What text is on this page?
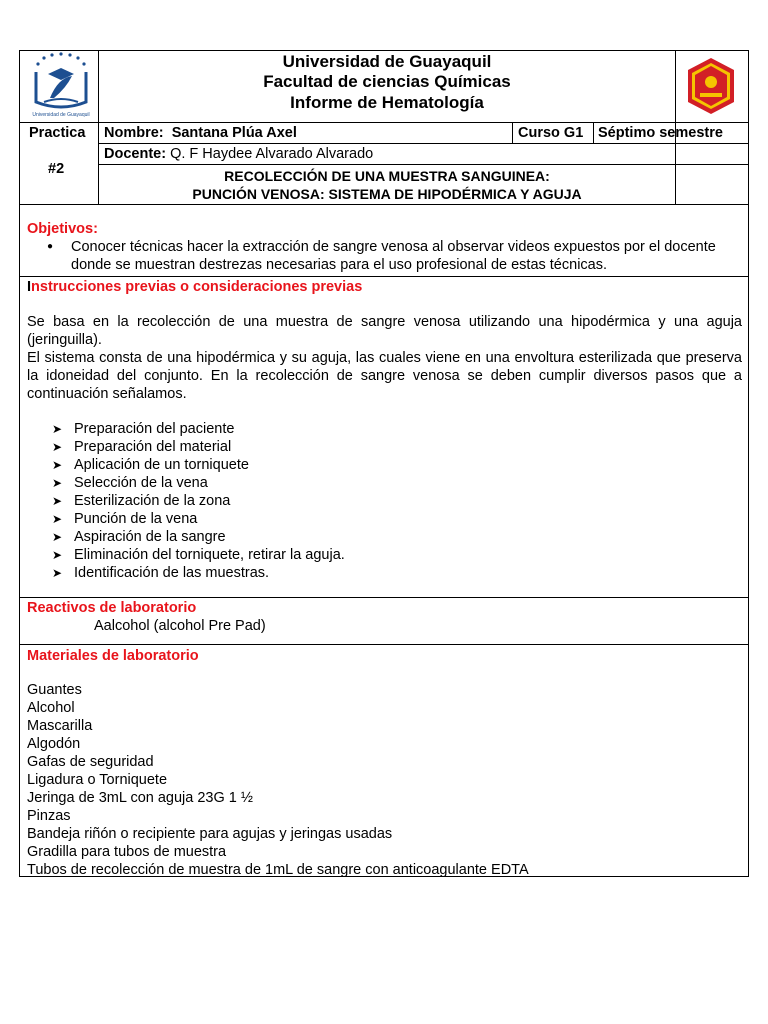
Universidad de Guayaquil
Universidad de Guayaquil
Facultad de ciencias Químicas
Informe de Hematología
Practica
#2
Nombre: Santana Plúa Axel	Curso G1 Séptimo semestre
Docente: Q. F Haydee Alvarado Alvarado
RECOLECCIÓN DE UNA MUESTRA SANGUINEA:
PUNCIÓN VENOSA: SISTEMA DE HIPODÉRMICA Y AGUJA
Objetivos:
● Conocer técnicas hacer la extracción de sangre venosa al observar videos expuestos por el docente
donde se muestran destrezas necesarias para el uso profesional de estas técnicas.
Instrucciones previas o consideraciones previas
Se basa en la recolección de una muestra de sangre venosa utilizando una hipodérmica y una aguja (jeringuilla).
El sistema consta de una hipodérmica y su aguja, las cuales viene en una envoltura esterilizada que preserva la idoneidad del conjunto. En la recolección de sangre venosa se deben cumplir diversos pasos que a continuación señalamos.
➤ Preparación del paciente
➤ Preparación del material
➤ Aplicación de un torniquete
➤ Selección de la vena
➤ Esterilización de la zona
➤ Punción de la vena
➤ Aspiración de la sangre
➤ Eliminación del torniquete, retirar la aguja.
➤ Identificación de las muestras.
Reactivos de laboratorio
Aalcohol (alcohol Pre Pad)
Materiales de laboratorio
Guantes
Alcohol
Mascarilla
Algodón
Gafas de seguridad
Ligadura o Torniquete
Jeringa de 3mL con aguja 23G 1 ½
Pinzas
Bandeja riñón o recipiente para agujas y jeringas usadas
Gradilla para tubos de muestra
Tubos de recolección de muestra de 1mL de sangre con anticoagulante EDTA
